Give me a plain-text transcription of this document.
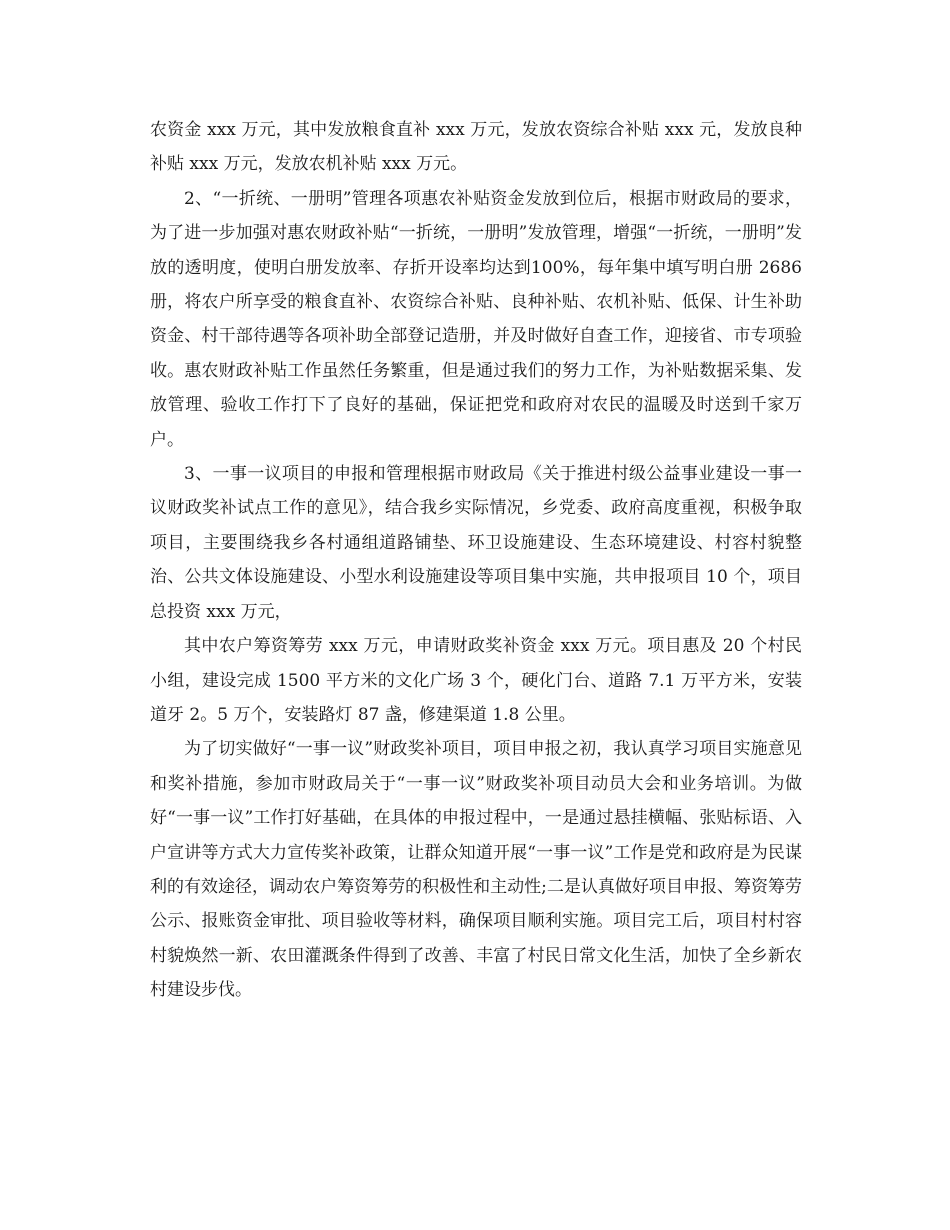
农资金 xxx 万元，其中发放粮食直补 xxx 万元，发放农资综合补贴 xxx 元，发放良种补贴 xxx 万元，发放农机补贴 xxx 万元。

2、“一折统、一册明”管理各项惠农补贴资金发放到位后，根据市财政局的要求，为了进一步加强对惠农财政补贴“一折统，一册明”发放管理，增强“一折统，一册明”发放的透明度，使明白册发放率、存折开设率均达到100%，每年集中填写明白册 2686 册，将农户所享受的粮食直补、农资综合补贴、良种补贴、农机补贴、低保、计生补助资金、村干部待遇等各项补助全部登记造册，并及时做好自查工作，迎接省、市专项验收。惠农财政补贴工作虽然任务繁重，但是通过我们的努力工作，为补贴数据采集、发放管理、验收工作打下了良好的基础，保证把党和政府对农民的温暖及时送到千家万户。

3、一事一议项目的申报和管理根据市财政局《关于推进村级公益事业建设一事一议财政奖补试点工作的意见》，结合我乡实际情况，乡党委、政府高度重视，积极争取项目，主要围绕我乡各村通组道路铺垫、环卫设施建设、生态环境建设、村容村貌整治、公共文体设施建设、小型水利设施建设等项目集中实施，共申报项目 10 个，项目总投资 xxx 万元，

其中农户筹资筹劳 xxx 万元，申请财政奖补资金 xxx 万元。项目惠及 20 个村民小组，建设完成 1500 平方米的文化广场 3 个，硬化门台、道路 7.1 万平方米，安装道牙 2。5 万个，安装路灯 87 盏，修建渠道 1.8 公里。

为了切实做好“一事一议”财政奖补项目，项目申报之初，我认真学习项目实施意见和奖补措施，参加市财政局关于“一事一议”财政奖补项目动员大会和业务培训。为做好“一事一议”工作打好基础，在具体的申报过程中，一是通过悬挂横幅、张贴标语、入户宣讲等方式大力宣传奖补政策，让群众知道开展“一事一议”工作是党和政府是为民谋利的有效途径，调动农户筹资筹劳的积极性和主动性;二是认真做好项目申报、筹资筹劳公示、报账资金审批、项目验收等材料，确保项目顺利实施。项目完工后，项目村村容村貌焕然一新、农田灌溉条件得到了改善、丰富了村民日常文化生活，加快了全乡新农村建设步伐。
